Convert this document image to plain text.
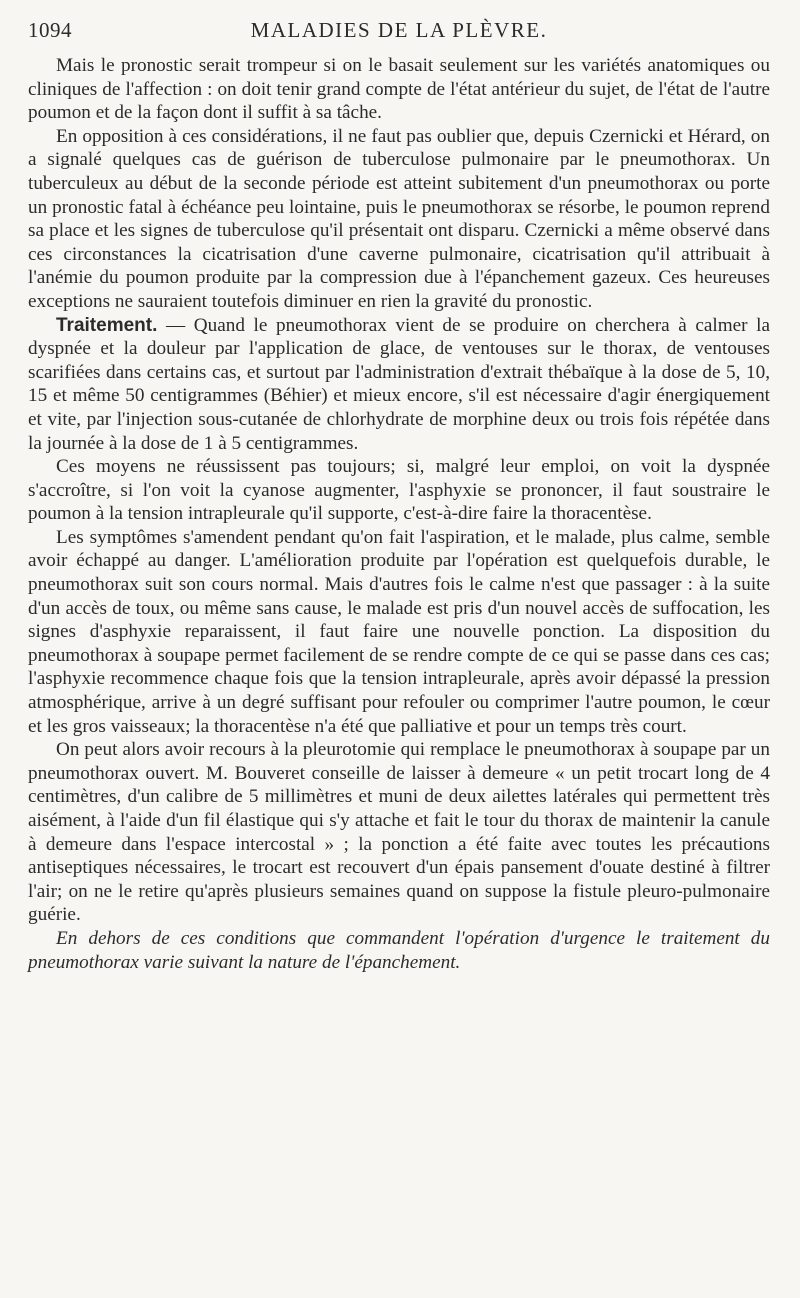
1094	MALADIES DE LA PLÈVRE.

Mais le pronostic serait trompeur si on le basait seulement sur les variétés anatomiques ou cliniques de l'affection : on doit tenir grand compte de l'état antérieur du sujet, de l'état de l'autre poumon et de la façon dont il suffit à sa tâche.

En opposition à ces considérations, il ne faut pas oublier que, depuis Czernicki et Hérard, on a signalé quelques cas de guérison de tuberculose pulmonaire par le pneumothorax. Un tuberculeux au début de la seconde période est atteint subitement d'un pneumothorax ou porte un pronostic fatal à échéance peu lointaine, puis le pneumothorax se résorbe, le poumon reprend sa place et les signes de tuberculose qu'il présentait ont disparu. Czernicki a même observé dans ces circonstances la cicatrisation d'une caverne pulmonaire, cicatrisation qu'il attribuait à l'anémie du poumon produite par la compression due à l'épanchement gazeux. Ces heureuses exceptions ne sauraient toutefois diminuer en rien la gravité du pronostic.

Traitement. — Quand le pneumothorax vient de se produire on cherchera à calmer la dyspnée et la douleur par l'application de glace, de ventouses sur le thorax, de ventouses scarifiées dans certains cas, et surtout par l'administration d'extrait thébaïque à la dose de 5, 10, 15 et même 50 centigrammes (Béhier) et mieux encore, s'il est nécessaire d'agir énergiquement et vite, par l'injection sous-cutanée de chlorhydrate de morphine deux ou trois fois répétée dans la journée à la dose de 1 à 5 centigrammes.

Ces moyens ne réussissent pas toujours; si, malgré leur emploi, on voit la dyspnée s'accroître, si l'on voit la cyanose augmenter, l'asphyxie se prononcer, il faut soustraire le poumon à la tension intrapleurale qu'il supporte, c'est-à-dire faire la thoracentèse.

Les symptômes s'amendent pendant qu'on fait l'aspiration, et le malade, plus calme, semble avoir échappé au danger. L'amélioration produite par l'opération est quelquefois durable, le pneumothorax suit son cours normal. Mais d'autres fois le calme n'est que passager : à la suite d'un accès de toux, ou même sans cause, le malade est pris d'un nouvel accès de suffocation, les signes d'asphyxie reparaissent, il faut faire une nouvelle ponction. La disposition du pneumothorax à soupape permet facilement de se rendre compte de ce qui se passe dans ces cas; l'asphyxie recommence chaque fois que la tension intrapleurale, après avoir dépassé la pression atmosphérique, arrive à un degré suffisant pour refouler ou comprimer l'autre poumon, le cœur et les gros vaisseaux; la thoracentèse n'a été que palliative et pour un temps très court.

On peut alors avoir recours à la pleurotomie qui remplace le pneumothorax à soupape par un pneumothorax ouvert. M. Bouveret conseille de laisser à demeure « un petit trocart long de 4 centimètres, d'un calibre de 5 millimètres et muni de deux ailettes latérales qui permettent très aisément, à l'aide d'un fil élastique qui s'y attache et fait le tour du thorax de maintenir la canule à demeure dans l'espace intercostal » ; la ponction a été faite avec toutes les précautions antiseptiques nécessaires, le trocart est recouvert d'un épais pansement d'ouate destiné à filtrer l'air; on ne le retire qu'après plusieurs semaines quand on suppose la fistule pleuro-pulmonaire guérie.

En dehors de ces conditions que commandent l'opération d'urgence le traitement du pneumothorax varie suivant la nature de l'épanchement.
